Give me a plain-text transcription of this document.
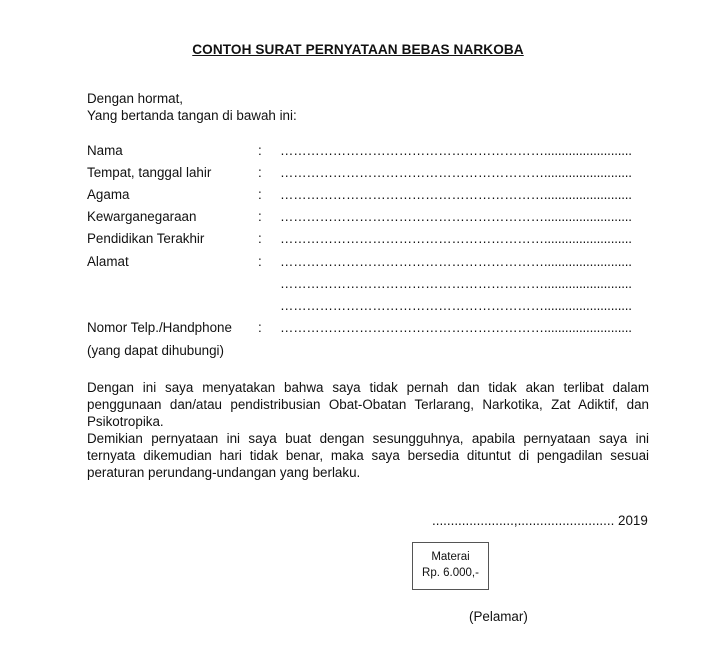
CONTOH SURAT PERNYATAAN BEBAS NARKOBA
Dengan hormat,
Yang bertanda tangan di bawah ini:
Nama	: …………………………………………………….........................
Tempat, tanggal lahir	: …………………………………………………….........................
Agama	: …………………………………………………….........................
Kewarganegaraan	: …………………………………………………….........................
Pendidikan Terakhir	: …………………………………………………….........................
Alamat	: …………………………………………………….........................
…………………………………………………….........................
…………………………………………………….........................
Nomor Telp./Handphone : …………………………………………………….........................
(yang dapat dihubungi)
Dengan ini saya menyatakan bahwa saya tidak pernah dan tidak akan terlibat dalam penggunaan dan/atau pendistribusian Obat-Obatan Terlarang, Narkotika, Zat Adiktif, dan Psikotropika.
Demikian pernyataan ini saya buat dengan sesungguhnya, apabila pernyataan saya ini ternyata dikemudian hari tidak benar, maka saya bersedia dituntut di pengadilan sesuai peraturan perundang-undangan yang berlaku.
......................,.......................... 2019
Materai
Rp. 6.000,-
(Pelamar)
